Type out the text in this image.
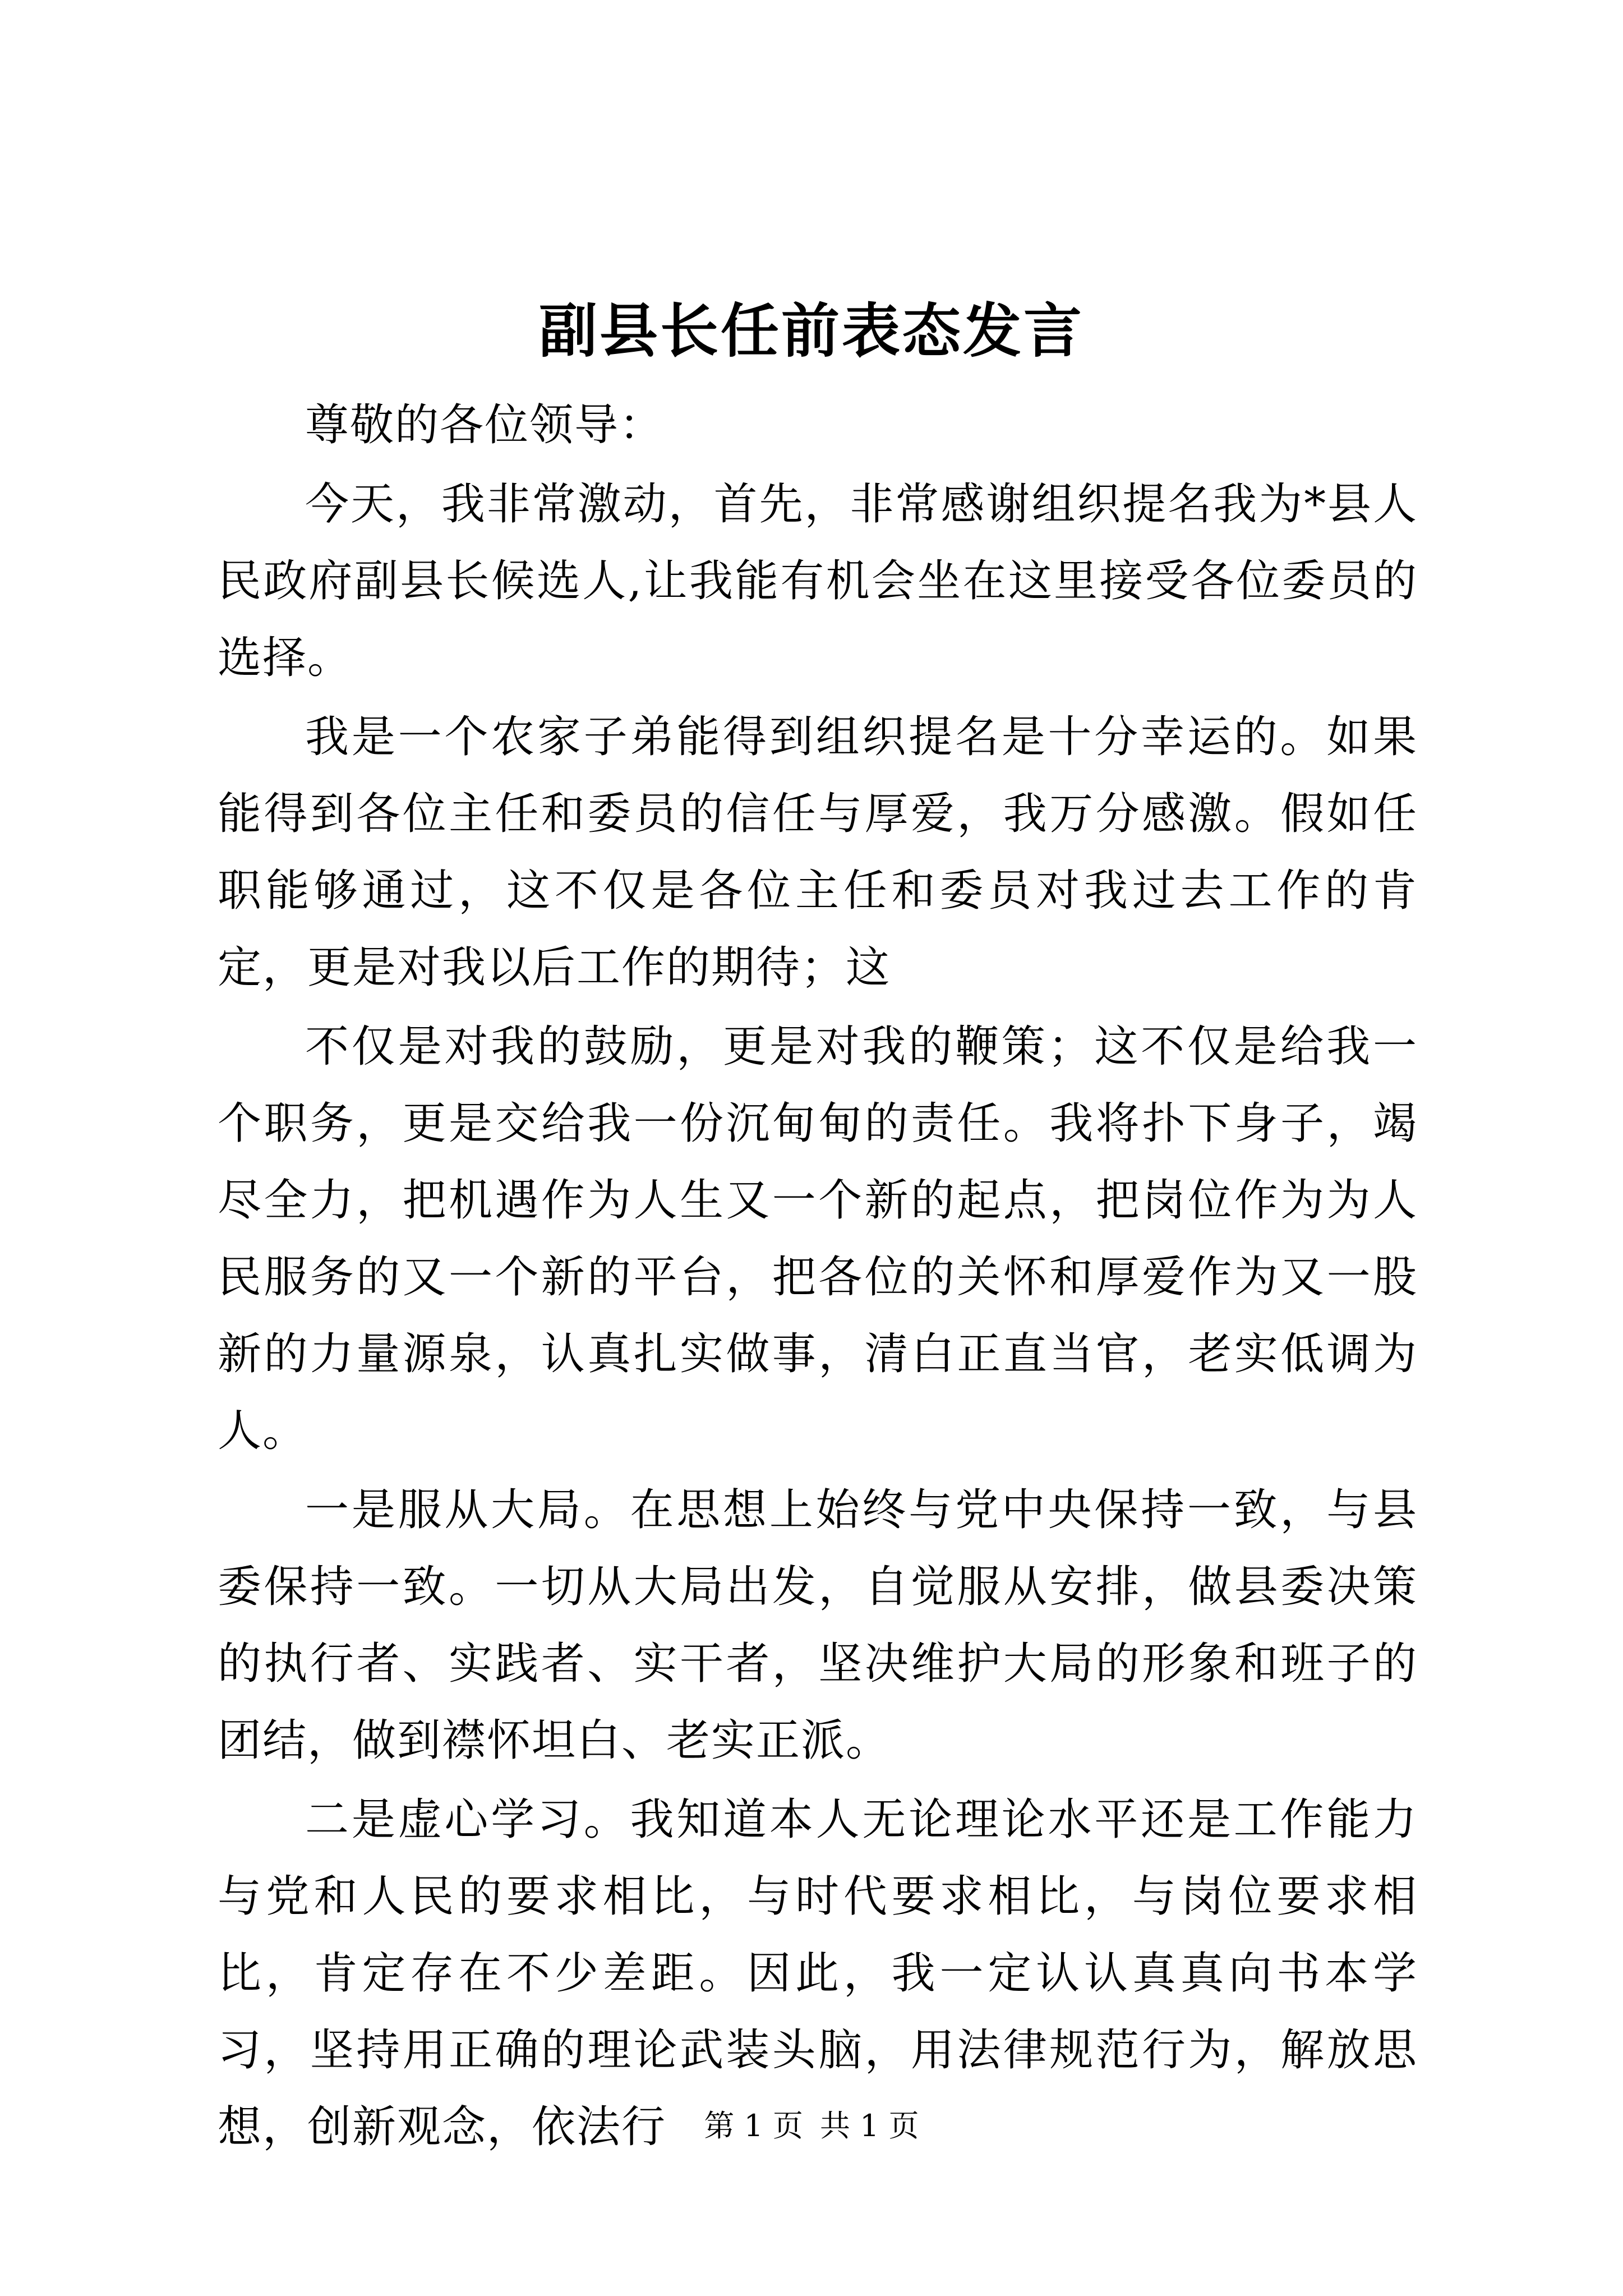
副县长任前表态发言

尊敬的各位领导：

今天，我非常激动，首先，非常感谢组织提名我为*县人民政府副县长候选人,让我能有机会坐在这里接受各位委员的选择。

我是一个农家子弟能得到组织提名是十分幸运的。如果能得到各位主任和委员的信任与厚爱，我万分感激。假如任职能够通过，这不仅是各位主任和委员对我过去工作的肯定，更是对我以后工作的期待；这

不仅是对我的鼓励，更是对我的鞭策；这不仅是给我一个职务，更是交给我一份沉甸甸的责任。我将扑下身子，竭尽全力，把机遇作为人生又一个新的起点，把岗位作为为人民服务的又一个新的平台，把各位的关怀和厚爱作为又一股新的力量源泉，认真扎实做事，清白正直当官，老实低调为人。

一是服从大局。在思想上始终与党中央保持一致，与县委保持一致。一切从大局出发，自觉服从安排，做县委决策的执行者、实践者、实干者，坚决维护大局的形象和班子的团结，做到襟怀坦白、老实正派。

二是虚心学习。我知道本人无论理论水平还是工作能力与党和人民的要求相比，与时代要求相比，与岗位要求相比，肯定存在不少差距。因此，我一定认认真真向书本学习，坚持用正确的理论武装头脑，用法律规范行为，解放思想，创新观念，依法行	第 1 页 共 1 页
